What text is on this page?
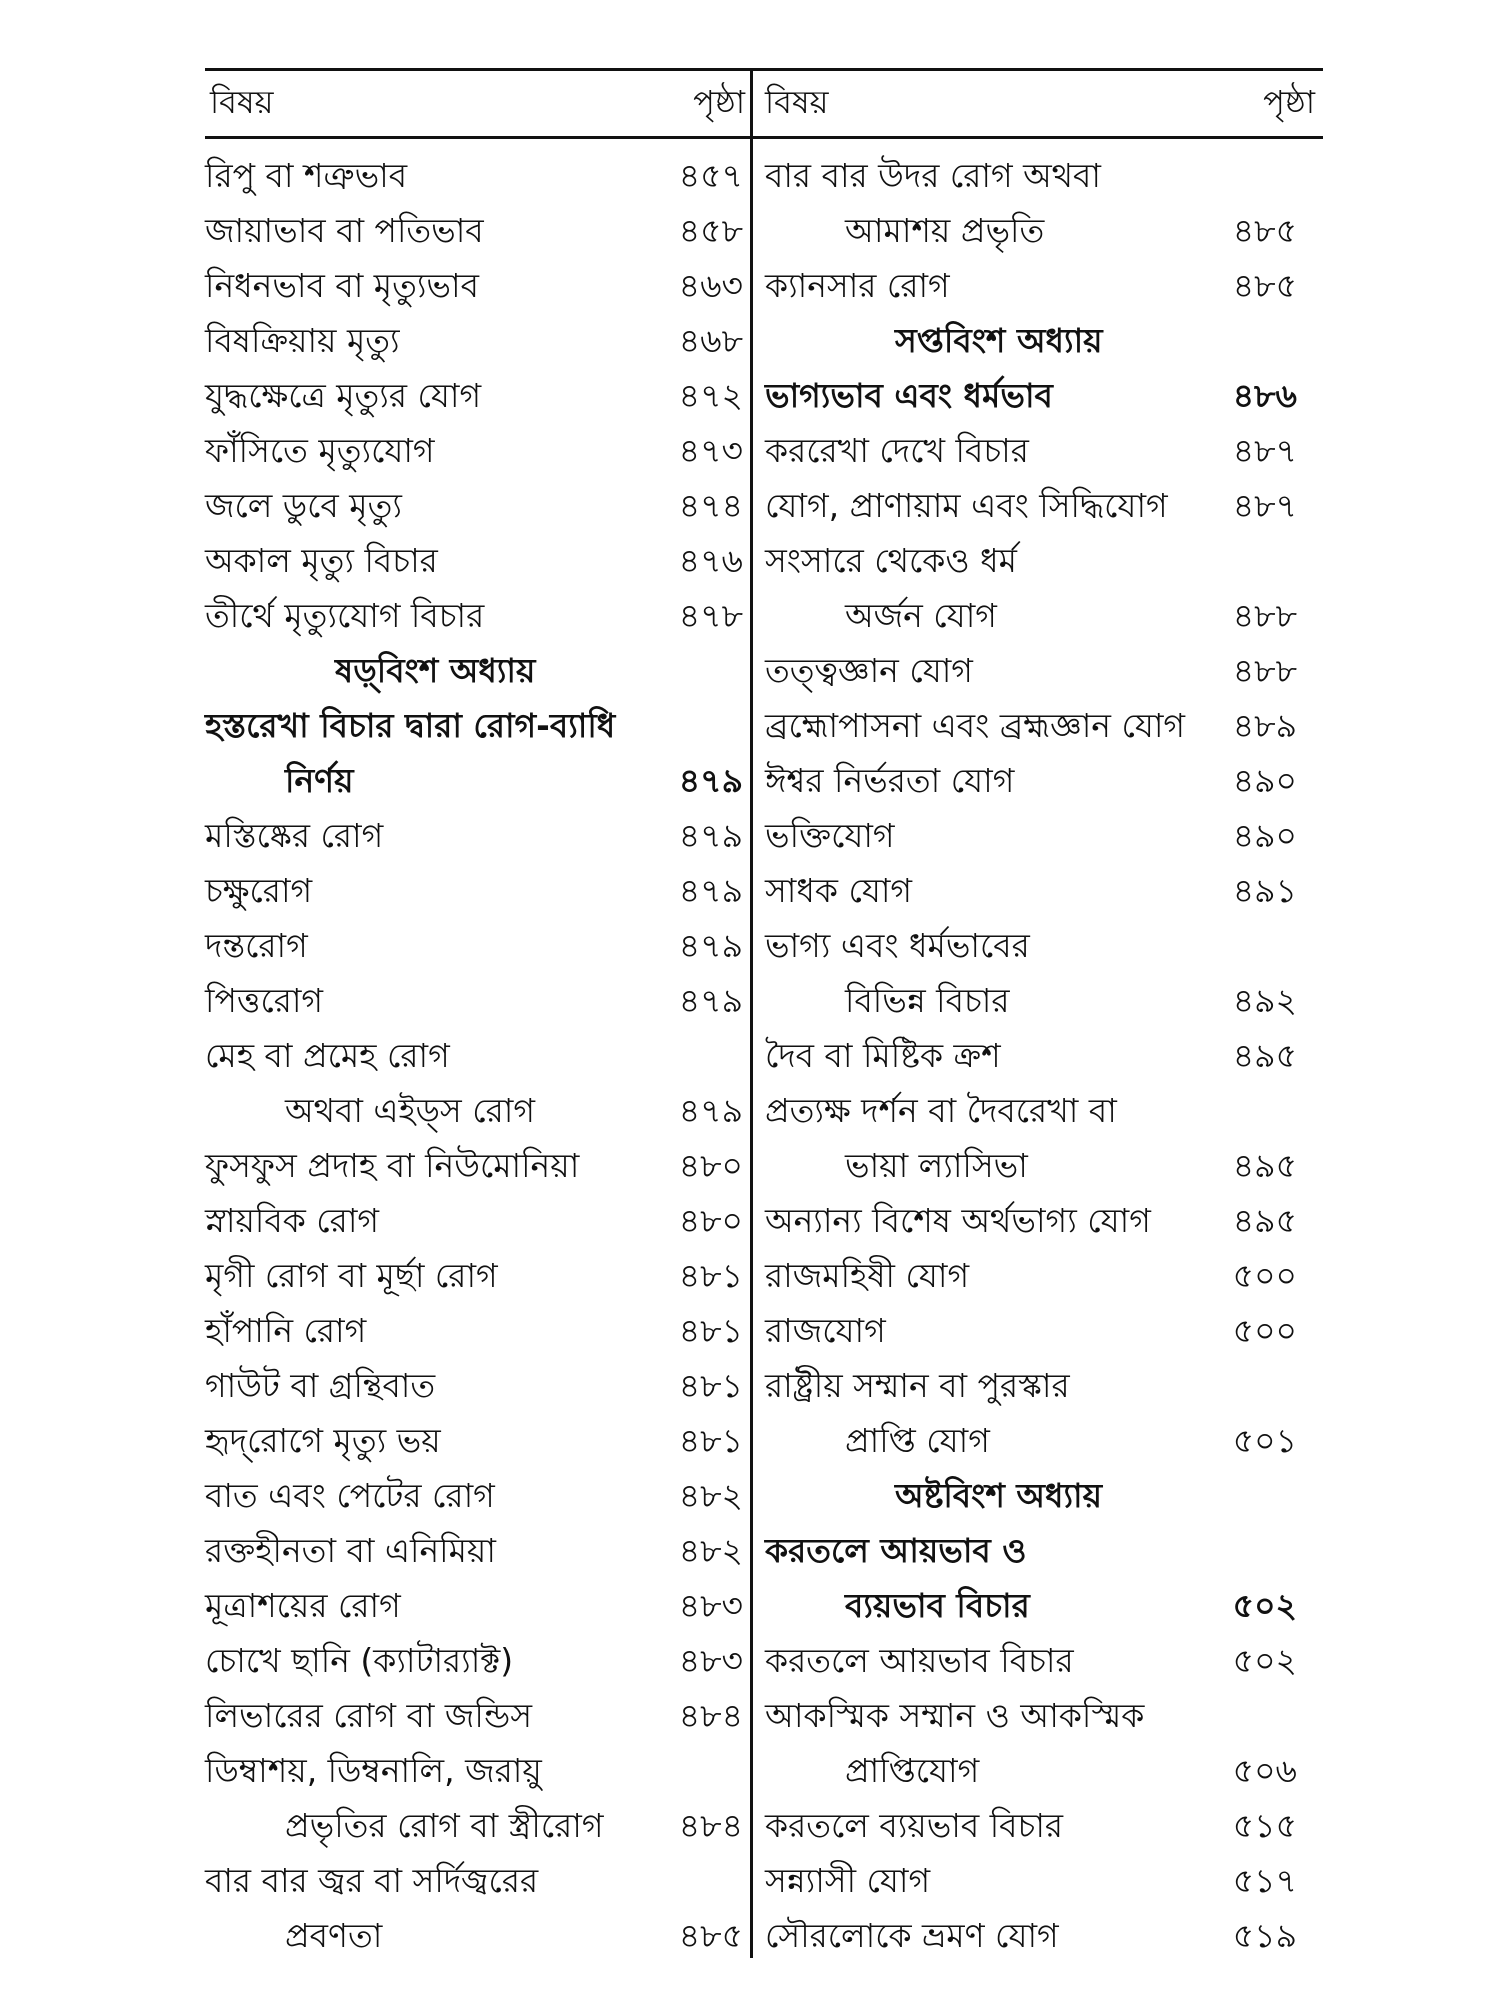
বিষয়	পৃষ্ঠা বিষয়	পৃষ্ঠা
রিপু বা শত্রুভাব	৪৫৭
জায়াভাব বা পতিভাব	৪৫৮
নিধনভাব বা মৃত্যুভাব	৪৬৩
বিষক্রিয়ায় মৃত্যু	৪৬৮
যুদ্ধক্ষেত্রে মৃত্যুর যোগ	৪৭২
ফাঁসিতে মৃত্যুযোগ	৪৭৩
জলে ডুবে মৃত্যু	৪৭৪
অকাল মৃত্যু বিচার	৪৭৬
তীর্থে মৃত্যুযোগ বিচার	৪৭৮
ষড়্‌বিংশ অধ্যায়
হস্তরেখা বিচার দ্বারা রোগ-ব্যাধি
নির্ণয়	৪৭৯
মস্তিষ্কের রোগ	৪৭৯
চক্ষুরোগ	৪৭৯
দন্তরোগ	৪৭৯
পিত্তরোগ	৪৭৯
মেহ বা প্রমেহ রোগ
অথবা এইড্‌স রোগ	৪৭৯
ফুসফুস প্রদাহ বা নিউমোনিয়া	৪৮০
স্নায়বিক রোগ	৪৮০
মৃগী রোগ বা মূর্ছা রোগ	৪৮১
হাঁপানি রোগ	৪৮১
গাউট বা গ্রন্থিবাত	৪৮১
হৃদ্‌রোগে মৃত্যু ভয়	৪৮১
বাত এবং পেটের রোগ	৪৮২
রক্তহীনতা বা এনিমিয়া	৪৮২
মূত্রাশয়ের রোগ	৪৮৩
চোখে ছানি (ক্যাটার‍্যাক্ট)	৪৮৩
লিভারের রোগ বা জন্ডিস	৪৮৪
ডিম্বাশয়, ডিম্বনালি, জরায়ু
প্রভৃতির রোগ বা স্ত্রীরোগ	৪৮৪
বার বার জ্বর বা সর্দিজ্বরের
প্রবণতা	৪৮৫
বার বার উদর রোগ অথবা
আমাশয় প্রভৃতি	৪৮৫
ক্যানসার রোগ	৪৮৫
সপ্তবিংশ অধ্যায়
ভাগ্যভাব এবং ধর্মভাব	৪৮৬
কররেখা দেখে বিচার	৪৮৭
যোগ, প্রাণায়াম এবং সিদ্ধিযোগ	৪৮৭
সংসারে থেকেও ধর্ম
অর্জন যোগ	৪৮৮
তত্ত্বজ্ঞান যোগ	৪৮৮
ব্রহ্মোপাসনা এবং ব্রহ্মজ্ঞান যোগ	৪৮৯
ঈশ্বর নির্ভরতা যোগ	৪৯০
ভক্তিযোগ	৪৯০
সাধক যোগ	৪৯১
ভাগ্য এবং ধর্মভাবের
বিভিন্ন বিচার	৪৯২
দৈব বা মিষ্টিক ক্রশ	৪৯৫
প্রত্যক্ষ দর্শন বা দৈবরেখা বা
ভায়া ল্যাসিভা	৪৯৫
অন্যান্য বিশেষ অর্থভাগ্য যোগ	৪৯৫
রাজমহিষী যোগ	৫০০
রাজযোগ	৫০০
রাষ্ট্রীয় সম্মান বা পুরস্কার
প্রাপ্তি যোগ	৫০১
অষ্টবিংশ অধ্যায়
করতলে আয়ভাব ও
ব্যয়ভাব বিচার	৫০২
করতলে আয়ভাব বিচার	৫০২
আকস্মিক সম্মান ও আকস্মিক
প্রাপ্তিযোগ	৫০৬
করতলে ব্যয়ভাব বিচার	৫১৫
সন্ন্যাসী যোগ	৫১৭
সৌরলোকে ভ্রমণ যোগ	৫১৯
